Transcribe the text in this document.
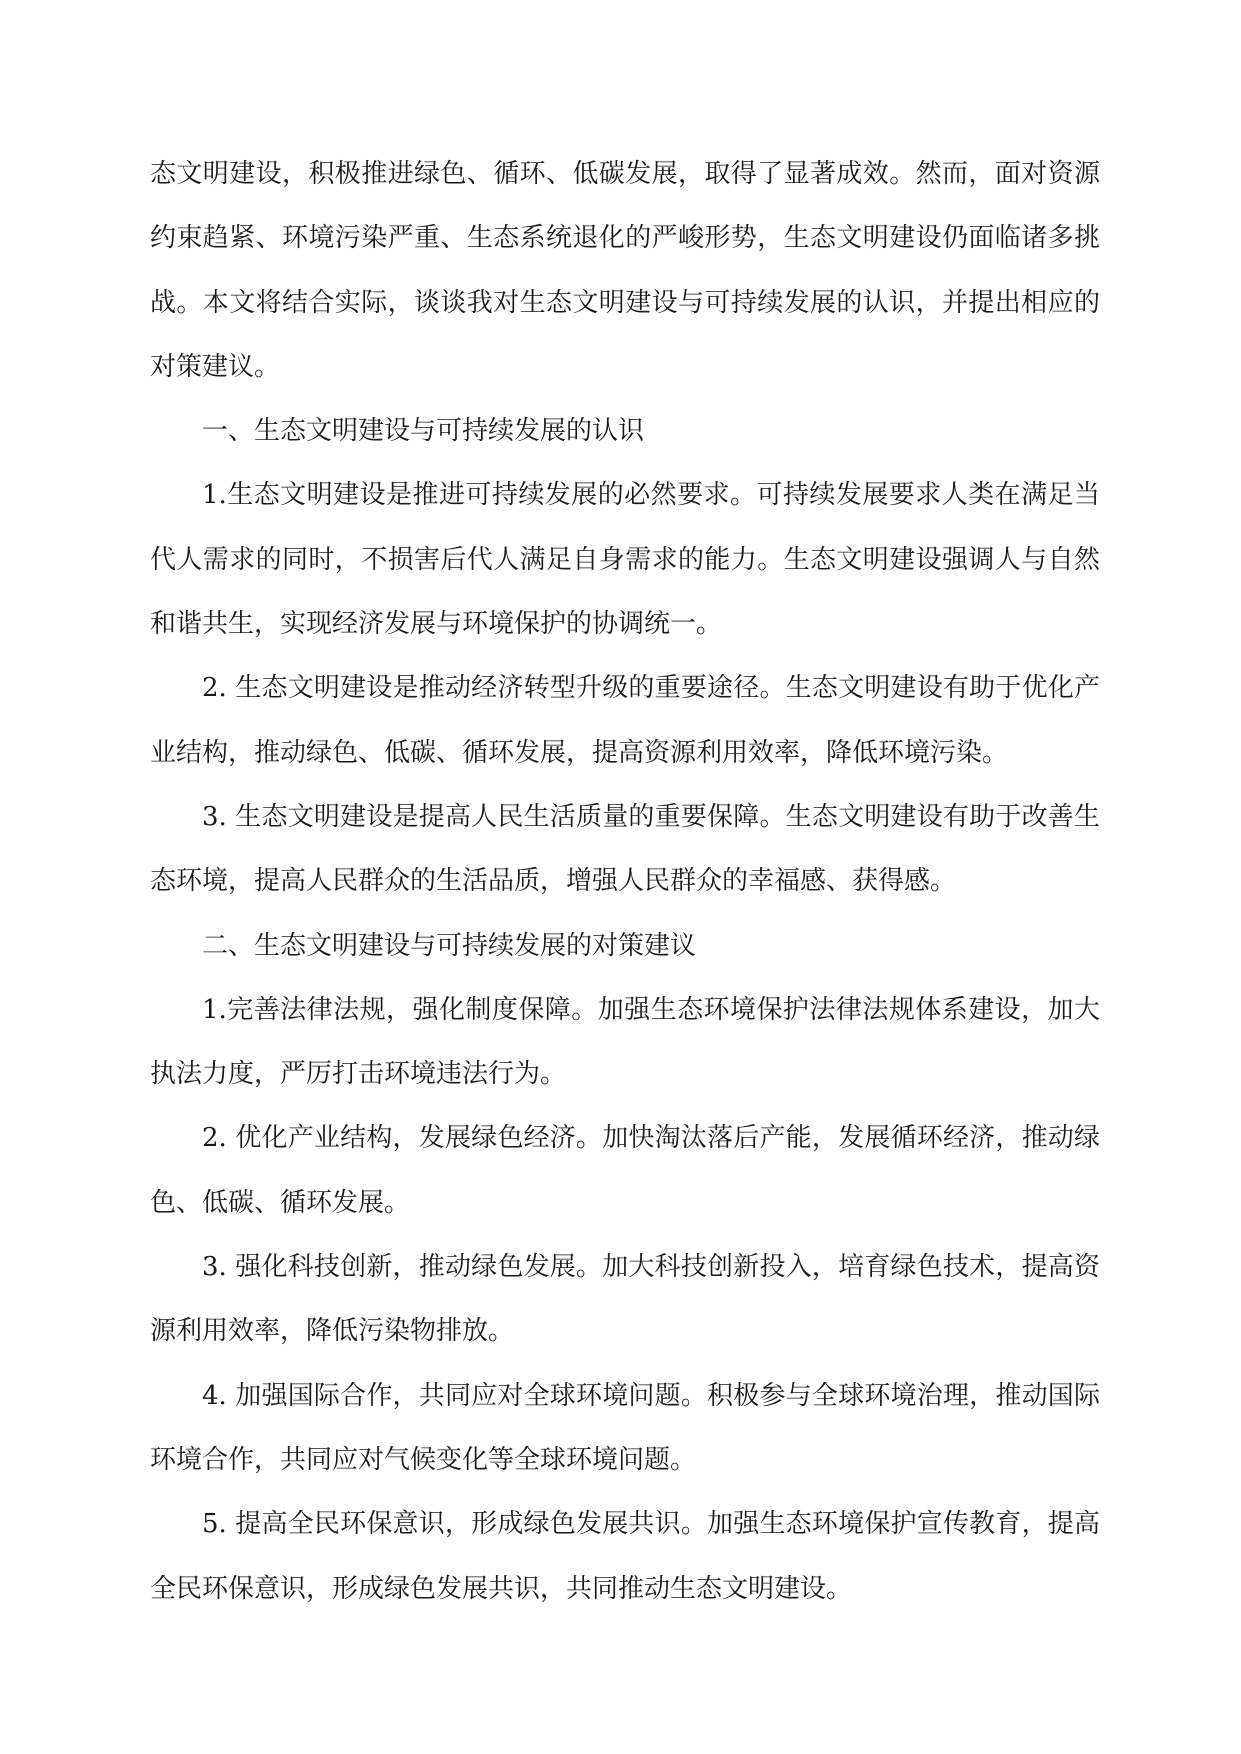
态文明建设，积极推进绿色、循环、低碳发展，取得了显著成效。然而，面对资源约束趋紧、环境污染严重、生态系统退化的严峻形势，生态文明建设仍面临诸多挑战。本文将结合实际，谈谈我对生态文明建设与可持续发展的认识，并提出相应的对策建议。

一、生态文明建设与可持续发展的认识

1.生态文明建设是推进可持续发展的必然要求。可持续发展要求人类在满足当代人需求的同时，不损害后代人满足自身需求的能力。生态文明建设强调人与自然和谐共生，实现经济发展与环境保护的协调统一。

2. 生态文明建设是推动经济转型升级的重要途径。生态文明建设有助于优化产业结构，推动绿色、低碳、循环发展，提高资源利用效率，降低环境污染。

3. 生态文明建设是提高人民生活质量的重要保障。生态文明建设有助于改善生态环境，提高人民群众的生活品质，增强人民群众的幸福感、获得感。

二、生态文明建设与可持续发展的对策建议

1.完善法律法规，强化制度保障。加强生态环境保护法律法规体系建设，加大执法力度，严厉打击环境违法行为。

2. 优化产业结构，发展绿色经济。加快淘汰落后产能，发展循环经济，推动绿色、低碳、循环发展。

3. 强化科技创新，推动绿色发展。加大科技创新投入，培育绿色技术，提高资源利用效率，降低污染物排放。

4. 加强国际合作，共同应对全球环境问题。积极参与全球环境治理，推动国际环境合作，共同应对气候变化等全球环境问题。

5. 提高全民环保意识，形成绿色发展共识。加强生态环境保护宣传教育，提高全民环保意识，形成绿色发展共识，共同推动生态文明建设。
